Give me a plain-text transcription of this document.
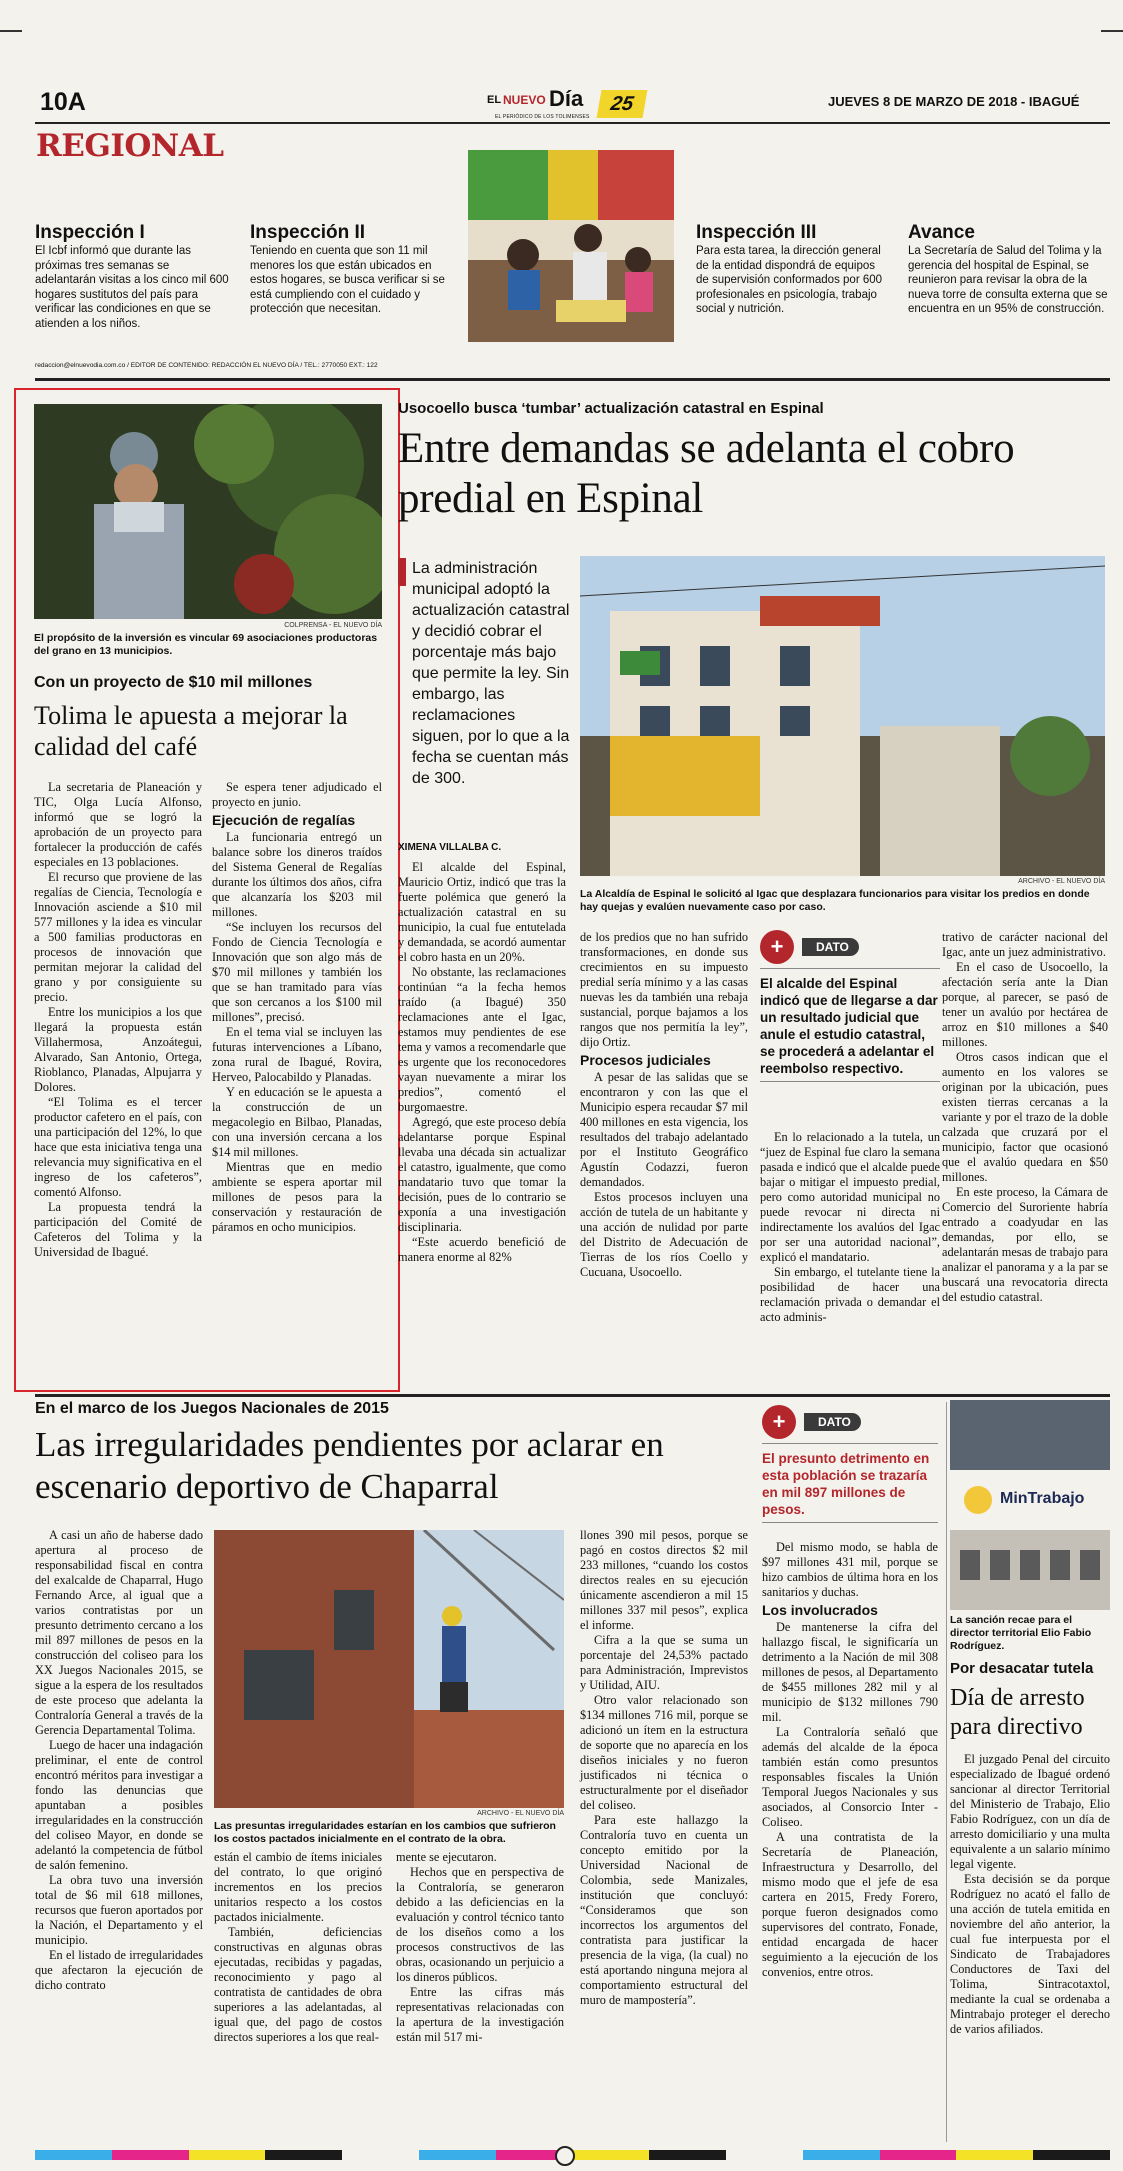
10A	EL NUEVO Día
EL PERIÓDICO DE LOS TOLIMENSES
25	JUEVES 8 DE MARZO DE 2018 - IBAGUÉ
REGIONAL
Inspección I
El Icbf informó que durante las próximas tres semanas se adelantarán visitas a los cinco mil 600 hogares sustitutos del país para verificar las condiciones en que se atienden a los niños.
Inspección II
Teniendo en cuenta que son 11 mil menores los que están ubicados en estos hogares, se busca verificar si se está cumpliendo con el cuidado y protección que necesitan.
Inspección III
Para esta tarea, la dirección general de la entidad dispondrá de equipos de supervisión conformados por 600 profesionales en psicología, trabajo social y nutrición.
Avance
La Secretaría de Salud del Tolima y la gerencia del hospital de Espinal, se reunieron para revisar la obra de la nueva torre de consulta externa que se encuentra en un 95% de construcción.
redaccion@elnuevodia.com.co / EDITOR DE CONTENIDO: REDACCIÓN EL NUEVO DÍA / TEL.: 2770050 EXT.: 122
COLPRENSA - EL NUEVO DÍA
El propósito de la inversión es vincular 69 asociaciones productoras del grano en 13 municipios.
Con un proyecto de $10 mil millones
Tolima le apuesta a mejorar la calidad del café

La secretaria de Planeación y TIC, Olga Lucía Alfonso, informó que se logró la aprobación de un proyecto para fortalecer la producción de cafés especiales en 13 poblaciones.

El recurso que proviene de las regalías de Ciencia, Tecnología e Innovación asciende a $10 mil 577 millones y la idea es vincular a 500 familias productoras en procesos de innovación que permitan mejorar la calidad del grano y por consiguiente su precio.

Entre los municipios a los que llegará la propuesta están Villahermosa, Anzoátegui, Alvarado, San Antonio, Ortega, Rioblanco, Planadas, Alpujarra y Dolores.

“El Tolima es el tercer productor cafetero en el país, con una participación del 12%, lo que hace que esta iniciativa tenga una relevancia muy significativa en el ingreso de los cafeteros”, comentó Alfonso.

La propuesta tendrá la participación del Comité de Cafeteros del Tolima y la Universidad de Ibagué.

Se espera tener adjudicado el proyecto en junio.

Ejecución de regalías

La funcionaria entregó un balance sobre los dineros traídos del Sistema General de Regalías durante los últimos dos años, cifra que alcanzaría los $203 mil millones.

“Se incluyen los recursos del Fondo de Ciencia Tecnología e Innovación que son algo más de $70 mil millones y también los que se han tramitado para vías que son cercanos a los $100 mil millones”, precisó.

En el tema vial se incluyen las futuras intervenciones a Líbano, zona rural de Ibagué, Rovira, Herveo, Palocabildo y Planadas.

Y en educación se le apuesta a la construcción de un megacolegio en Bilbao, Planadas, con una inversión cercana a los $14 mil millones.

Mientras que en medio ambiente se espera aportar mil millones de pesos para la conservación y restauración de páramos en ocho municipios.

Usocoello busca ‘tumbar’ actualización catastral en Espinal
Entre demandas se adelanta el cobro predial en Espinal
La administración municipal adoptó la actualización catastral y decidió cobrar el porcentaje más bajo que permite la ley. Sin embargo, las reclamaciones siguen, por lo que a la fecha se cuentan más de 300.
ARCHIVO - EL NUEVO DÍA
La Alcaldía de Espinal le solicitó al Igac que desplazara funcionarios para visitar los predios en donde hay quejas y evalúen nuevamente caso por caso.
XIMENA VILLALBA C.

El alcalde del Espinal, Mauricio Ortiz, indicó que tras la fuerte polémica que generó la actualización catastral en su municipio, la cual fue entutelada y demandada, se acordó aumentar el cobro hasta en un 20%.

No obstante, las reclamaciones continúan “a la fecha hemos traído (a Ibagué) 350 reclamaciones ante el Igac, estamos muy pendientes de ese tema y vamos a recomendarle que es urgente que los reconocedores vayan nuevamente a mirar los predios”, comentó el burgomaestre.

Agregó, que este proceso debía adelantarse porque Espinal llevaba una década sin actualizar el catastro, igualmente, que como mandatario tuvo que tomar la decisión, pues de lo contrario se exponía a una investigación disciplinaria.

“Este acuerdo benefició de manera enorme al 82%

de los predios que no han sufrido transformaciones, en donde sus crecimientos en su impuesto predial sería mínimo y a las casas nuevas les da también una rebaja sustancial, porque bajamos a los rangos que nos permitía la ley”, dijo Ortiz.

Procesos judiciales

A pesar de las salidas que se encontraron y con las que el Municipio espera recaudar $7 mil 400 millones en esta vigencia, los resultados del trabajo adelantado por el Instituto Geográfico Agustín Codazzi, fueron demandados.

Estos procesos incluyen una acción de tutela de un habitante y una acción de nulidad por parte del Distrito de Adecuación de Tierras de los ríos Coello y Cucuana, Usocoello.

+	DATO
El alcalde del Espinal indicó que de llegarse a dar un resultado judicial que anule el estudio catastral, se procederá a adelantar el reembolso respectivo.

En lo relacionado a la tutela, un “juez de Espinal fue claro la semana pasada e indicó que el alcalde puede bajar o mitigar el impuesto predial, pero como autoridad municipal no puede revocar ni directa ni indirectamente los avalúos del Igac por ser una autoridad nacional”, explicó el mandatario.

Sin embargo, el tutelante tiene la posibilidad de hacer una reclamación privada o demandar el acto adminis-

trativo de carácter nacional del Igac, ante un juez administrativo.

En el caso de Usocoello, la afectación sería ante la Dian porque, al parecer, se pasó de tener un avalúo por hectárea de arroz en $10 millones a $40 millones.

Otros casos indican que el aumento en los valores se originan por la ubicación, pues existen tierras cercanas a la variante y por el trazo de la doble calzada que cruzará por el municipio, factor que ocasionó que el avalúo quedara en $50 millones.

En este proceso, la Cámara de Comercio del Suroriente habría entrado a coadyudar en las demandas, por ello, se adelantarán mesas de trabajo para analizar el panorama y a la par se buscará una revocatoria directa del estudio catastral.

En el marco de los Juegos Nacionales de 2015
Las irregularidades pendientes por aclarar en escenario deportivo de Chaparral

A casi un año de haberse dado apertura al proceso de responsabilidad fiscal en contra del exalcalde de Chaparral, Hugo Fernando Arce, al igual que a varios contratistas por un presunto detrimento cercano a los mil 897 millones de pesos en la construcción del coliseo para los XX Juegos Nacionales 2015, se sigue a la espera de los resultados de este proceso que adelanta la Contraloría General a través de la Gerencia Departamental Tolima.

Luego de hacer una indagación preliminar, el ente de control encontró méritos para investigar a fondo las denuncias que apuntaban a posibles irregularidades en la construcción del coliseo Mayor, en donde se adelantó la competencia de fútbol de salón femenino.

La obra tuvo una inversión total de $6 mil 618 millones, recursos que fueron aportados por la Nación, el Departamento y el municipio.

En el listado de irregularidades que afectaron la ejecución de dicho contrato

ARCHIVO - EL NUEVO DÍA
Las presuntas irregularidades estarían en los cambios que sufrieron los costos pactados inicialmente en el contrato de la obra.

están el cambio de ítems iniciales del contrato, lo que originó incrementos en los precios unitarios respecto a los costos pactados inicialmente.

También, deficiencias constructivas en algunas obras ejecutadas, recibidas y pagadas, reconocimiento y pago al contratista de cantidades de obra superiores a las adelantadas, al igual que, del pago de costos directos superiores a los que real-

mente se ejecutaron.

Hechos que en perspectiva de la Contraloría, se generaron debido a las deficiencias en la evaluación y control técnico tanto de los diseños como a los procesos constructivos de las obras, ocasionando un perjuicio a los dineros públicos.

Entre las cifras más representativas relacionadas con la apertura de la investigación están mil 517 mi-

llones 390 mil pesos, porque se pagó en costos directos $2 mil 233 millones, “cuando los costos directos reales en su ejecución únicamente ascendieron a mil 15 millones 337 mil pesos”, explica el informe.

Cifra a la que se suma un porcentaje del 24,53% pactado para Administración, Imprevistos y Utilidad, AIU.

Otro valor relacionado son $134 millones 716 mil, porque se adicionó un ítem en la estructura de soporte que no aparecía en los diseños iniciales y no fueron justificados ni técnica o estructuralmente por el diseñador del coliseo.

Para este hallazgo la Contraloría tuvo en cuenta un concepto emitido por la Universidad Nacional de Colombia, sede Manizales, institución que concluyó: “Consideramos que son incorrectos los argumentos del contratista para justificar la presencia de la viga, (la cual) no está aportando ninguna mejora al comportamiento estructural del muro de mampostería”.

+	DATO
El presunto detrimento en esta población se trazaría en mil 897 millones de pesos.

Del mismo modo, se habla de $97 millones 431 mil, porque se hizo cambios de última hora en los sanitarios y duchas.

Los involucrados

De mantenerse la cifra del hallazgo fiscal, le significaría un detrimento a la Nación de mil 308 millones de pesos, al Departamento de $455 millones 282 mil y al municipio de $132 millones 790 mil.

La Contraloría señaló que además del alcalde de la época también están como presuntos responsables fiscales la Unión Temporal Juegos Nacionales y sus asociados, al Consorcio Inter - Coliseo.

A una contratista de la Secretaría de Planeación, Infraestructura y Desarrollo, del mismo modo que el jefe de esa cartera en 2015, Fredy Forero, porque fueron designados como supervisores del contrato, Fonade, entidad encargada de hacer seguimiento a la ejecución de los convenios, entre otros.

MinTrabajo
La sanción recae para el director territorial Elio Fabio Rodríguez.
Por desacatar tutela
Día de arresto para directivo

El juzgado Penal del circuito especializado de Ibagué ordenó sancionar al director Territorial del Ministerio de Trabajo, Elio Fabio Rodríguez, con un día de arresto domiciliario y una multa equivalente a un salario mínimo legal vigente.

Esta decisión se da porque Rodríguez no acató el fallo de una acción de tutela emitida en noviembre del año anterior, la cual fue interpuesta por el Sindicato de Trabajadores Conductores de Taxi del Tolima, Sintracotaxtol, mediante la cual se ordenaba a Mintrabajo proteger el derecho de varios afiliados.
